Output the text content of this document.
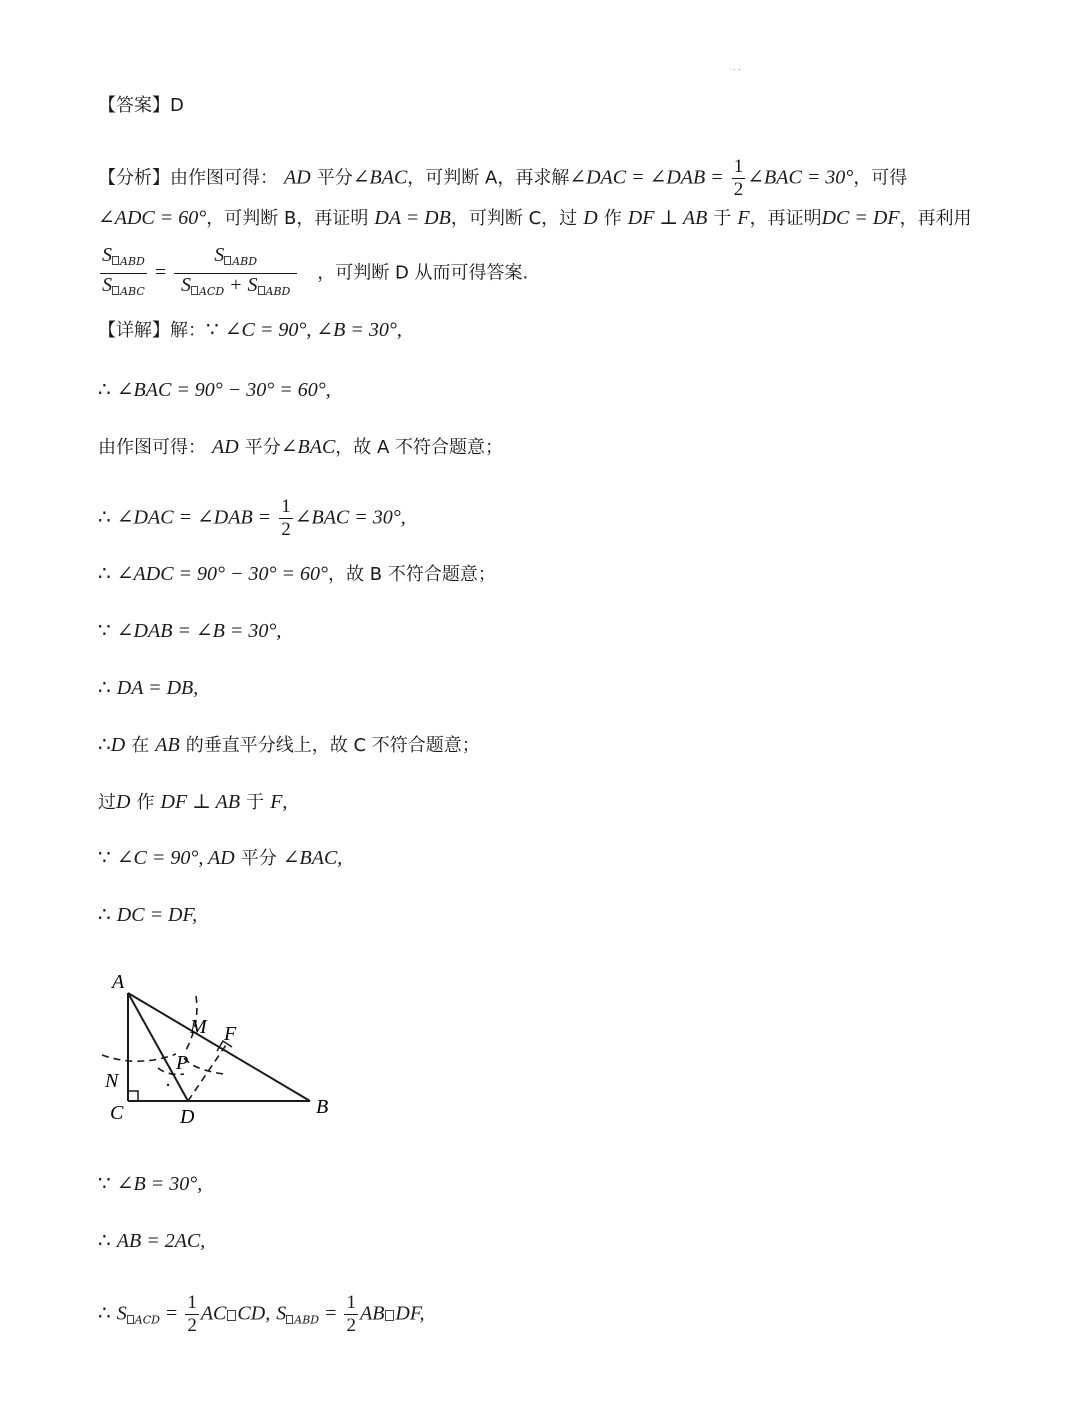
. .
【答案】D
【分析】由作图可得： AD 平分∠BAC，可判断 A，再求解∠DAC = ∠DAB = $\frac{1}{2}$ ∠BAC = 30°，可得
∠ADC = 60°，可判断 B，再证明 DA = DB，可判断 C，过 D 作 DF ⊥ AB 于 F，再证明DC = DF，再利用
$\frac{S _{ABD}}{S _{ABC}} = \frac{S _{ABD}}{S _{ACD} + S _{ABD}}$ ，可判断 D 从而可得答案.
【详解】解：∵ ∠C = 90°, ∠B = 30°,
∴ ∠BAC = 90° − 30° = 60°,
由作图可得： AD 平分∠BAC，故 A 不符合题意；
∴ ∠DAC = ∠DAB = $\frac{1}{2}$ ∠BAC = 30°,
∴ ∠ADC = 90° − 30° = 60°，故 B 不符合题意；
∵ ∠DAB = ∠B = 30°,
∴ DA = DB,
∴D 在 AB 的垂直平分线上，故 C 不符合题意；
过D 作 DF ⊥ AB 于 F,
∵ ∠C = 90°, AD 平分 ∠BAC,
∴ DC = DF,
A
M F
P
N
C	D	B
∵ ∠B = 30°,
∴ AB = 2AC,
∴ S $_{ACD} = \frac{1}{2}$ AC CD, S $_{ABD} = \frac{1}{2}$ AB DF,
